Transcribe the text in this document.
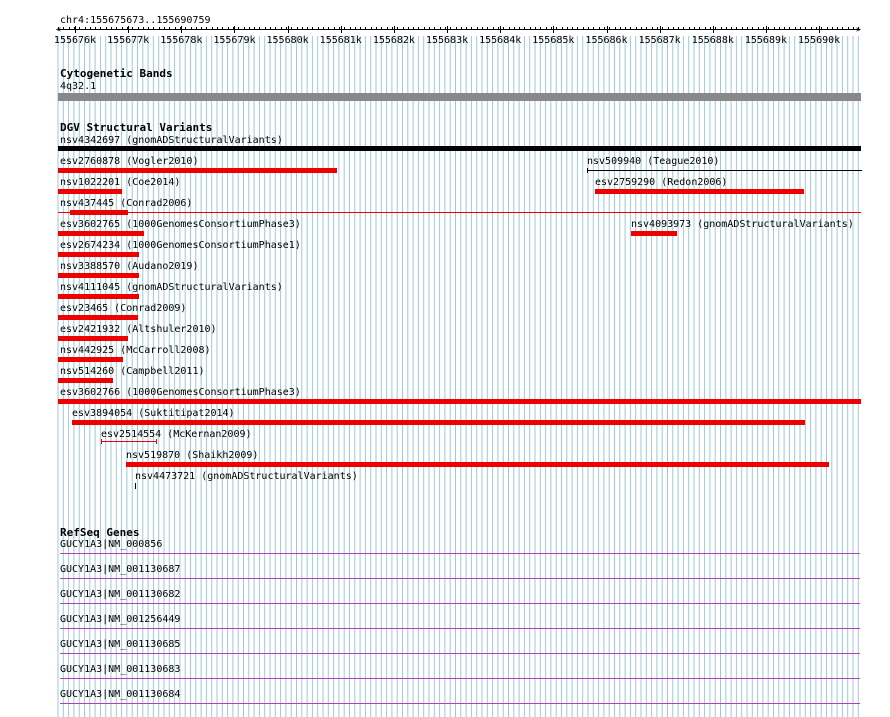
chr4:155675673..155690759
<	>
155676k 155677k 155678k 155679k 155680k 155681k 155682k 155683k 155684k 155685k 155686k 155687k 155688k 155689k 155690k
Cytogenetic Bands
4q32.1
DGV Structural Variants
nsv4342697 (gnomADStructuralVariants)
esv2760878 (Vogler2010)	nsv509940 (Teague2010)
nsv1022201 (Coe2014)	esv2759290 (Redon2006)
nsv437445 (Conrad2006)
esv3602765 (1000GenomesConsortiumPhase3)	nsv4093973 (gnomADStructuralVariants)
esv2674234 (1000GenomesConsortiumPhase1)
nsv3388570 (Audano2019)
nsv4111045 (gnomADStructuralVariants)
esv23465 (Conrad2009)
esv2421932 (Altshuler2010)
nsv442925 (McCarroll2008)
nsv514260 (Campbell2011)
esv3602766 (1000GenomesConsortiumPhase3)
esv3894054 (Suktitipat2014)
esv2514554 (McKernan2009)
nsv519870 (Shaikh2009)
nsv4473721 (gnomADStructuralVariants)
RefSeq Genes
GUCY1A3|NM_000856
GUCY1A3|NM_001130687
GUCY1A3|NM_001130682
GUCY1A3|NM_001256449
GUCY1A3|NM_001130685
GUCY1A3|NM_001130683
GUCY1A3|NM_001130684
